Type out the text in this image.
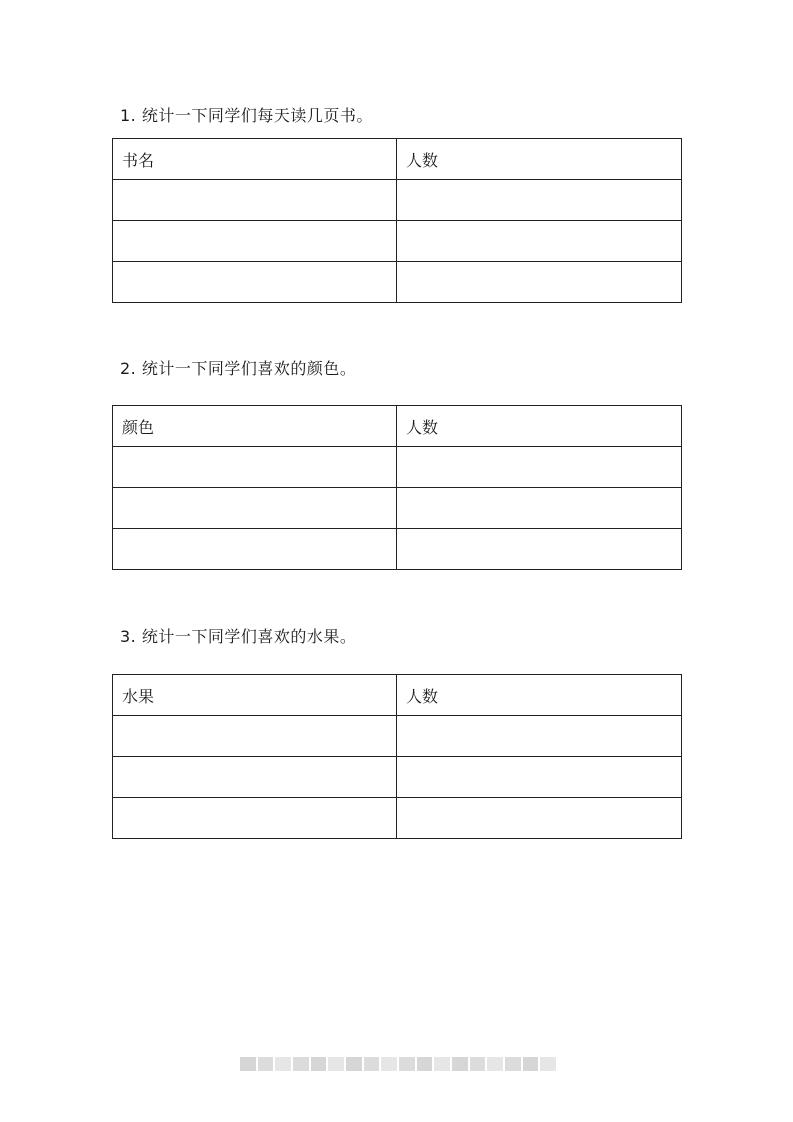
1. 统计一下同学们每天读几页书。
书名	人数

2. 统计一下同学们喜欢的颜色。
颜色	人数

3. 统计一下同学们喜欢的水果。
水果	人数
